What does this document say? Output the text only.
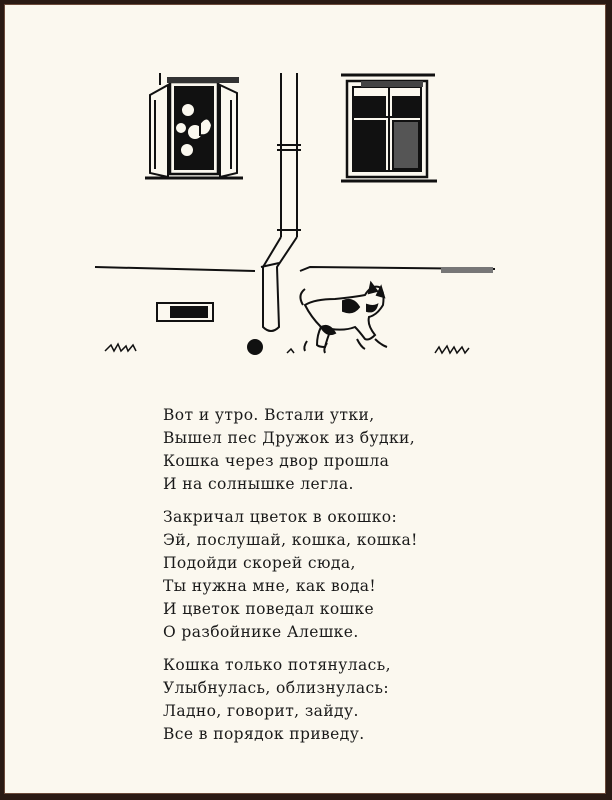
Вот и утро. Встали утки,
Вышел пес Дружок из будки,
Кошка через двор прошла
И на солнышке легла.
Закричал цветок в окошко:
Эй, послушай, кошка, кошка!
Подойди скорей сюда,
Ты нужна мне, как вода!
И цветок поведал кошке
О разбойнике Алешке.
Кошка только потянулась,
Улыбнулась, облизнулась:
Ладно, говорит, зайду.
Все в порядок приведу.
